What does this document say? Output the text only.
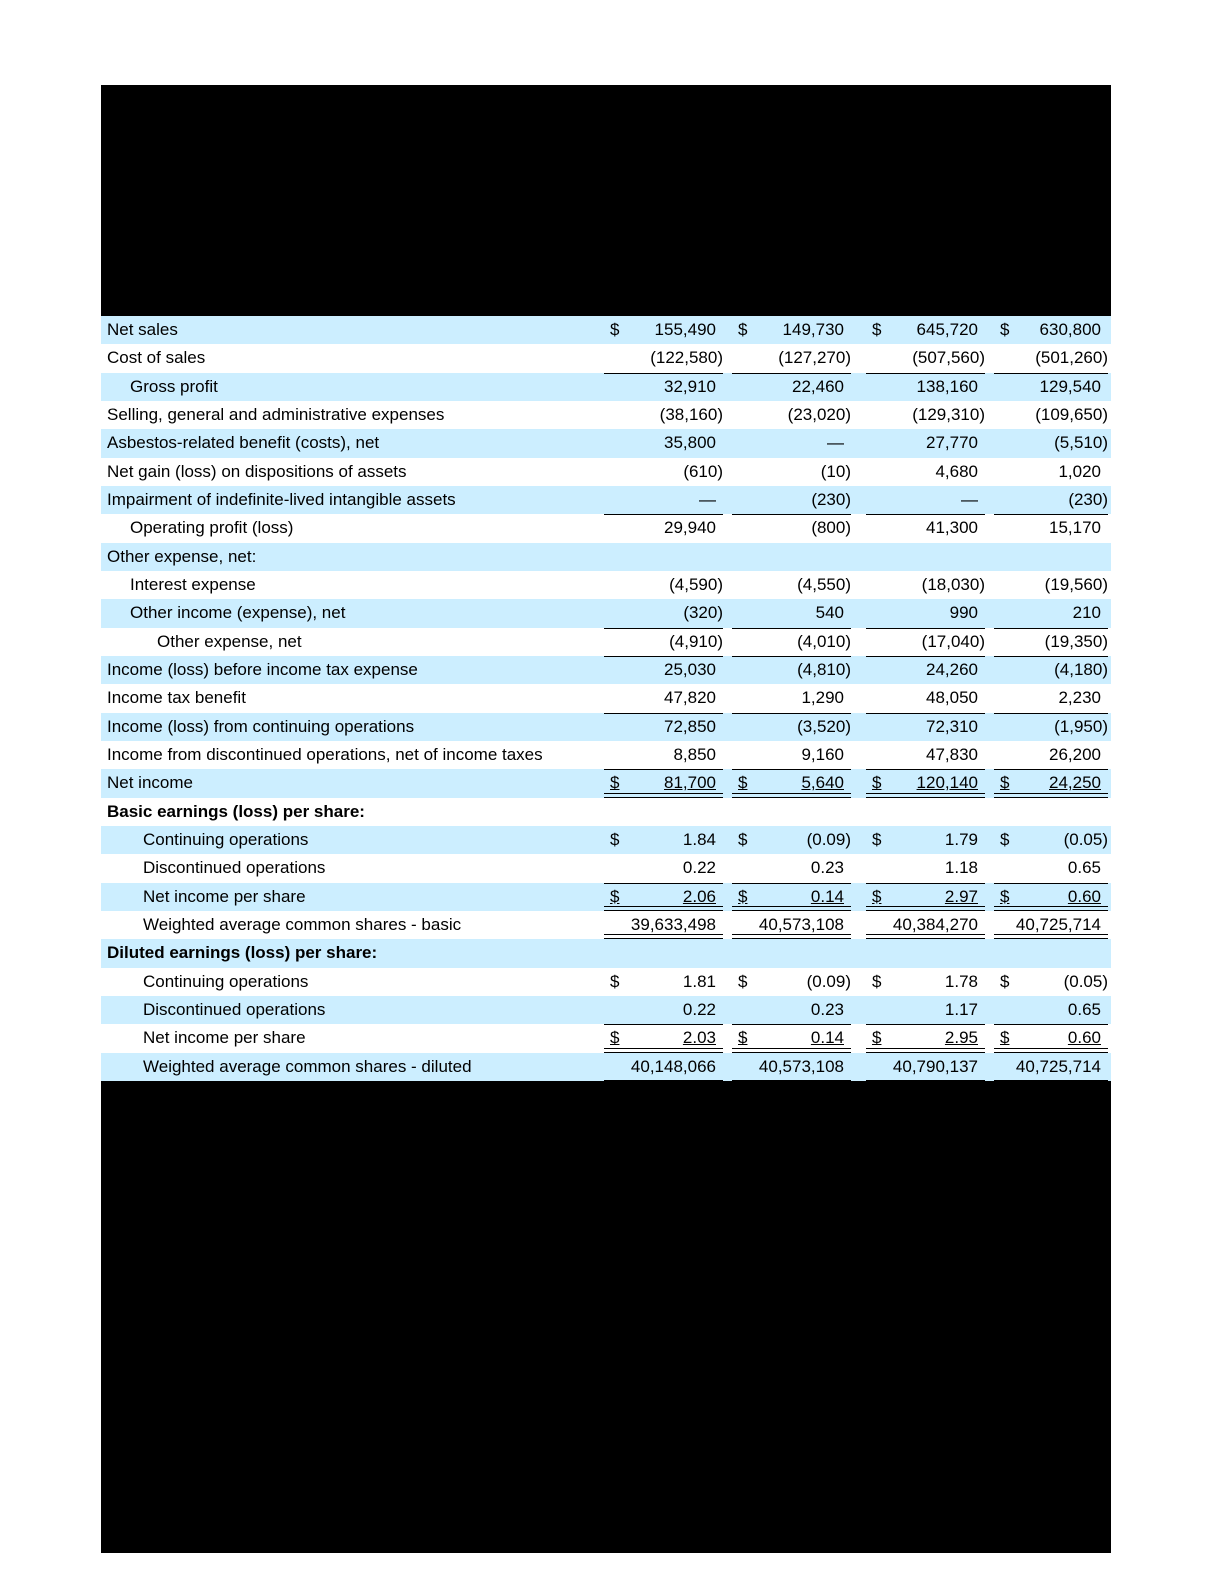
Net sales	$ 155,490 $ 149,730 $ 645,720 $ 630,800
Cost of sales	(122,580)	(127,270)	(507,560)	(501,260)
Gross profit	32,910	22,460	138,160	129,540
Selling, general and administrative expenses	(38,160)	(23,020)	(129,310)	(109,650)
Asbestos-related benefit (costs), net	35,800	—	27,770	(5,510)
Net gain (loss) on dispositions of assets	(610)	(10)	4,680	1,020
Impairment of indefinite-lived intangible assets	—	(230)	—	(230)
Operating profit (loss)	29,940	(800)	41,300	15,170
Other expense, net:
Interest expense	(4,590)	(4,550)	(18,030)	(19,560)
Other income (expense), net	(320)	540	990	210
Other expense, net	(4,910)	(4,010)	(17,040)	(19,350)
Income (loss) before income tax expense	25,030	(4,810)	24,260	(4,180)
Income tax benefit	47,820	1,290	48,050	2,230
Income (loss) from continuing operations	72,850	(3,520)	72,310	(1,950)
Income from discontinued operations, net of income taxes	8,850	9,160	47,830	26,200
Net income	$	81,700 $	5,640 $ 120,140 $ 24,250
Basic earnings (loss) per share:
Continuing operations	$	1.84 $	(0.09) $	1.79 $	(0.05)
Discontinued operations	0.22	0.23	1.18	0.65
Net income per share	$	2.06 $	0.14 $	2.97 $	0.60
Weighted average common shares - basic	39,633,498	40,573,108	40,384,270 40,725,714
Diluted earnings (loss) per share:
Continuing operations	$	1.81 $	(0.09) $	1.78 $	(0.05)
Discontinued operations	0.22	0.23	1.17	0.65
Net income per share	$	2.03 $	0.14 $	2.95 $	0.60
Weighted average common shares - diluted	40,148,066	40,573,108	40,790,137 40,725,714
